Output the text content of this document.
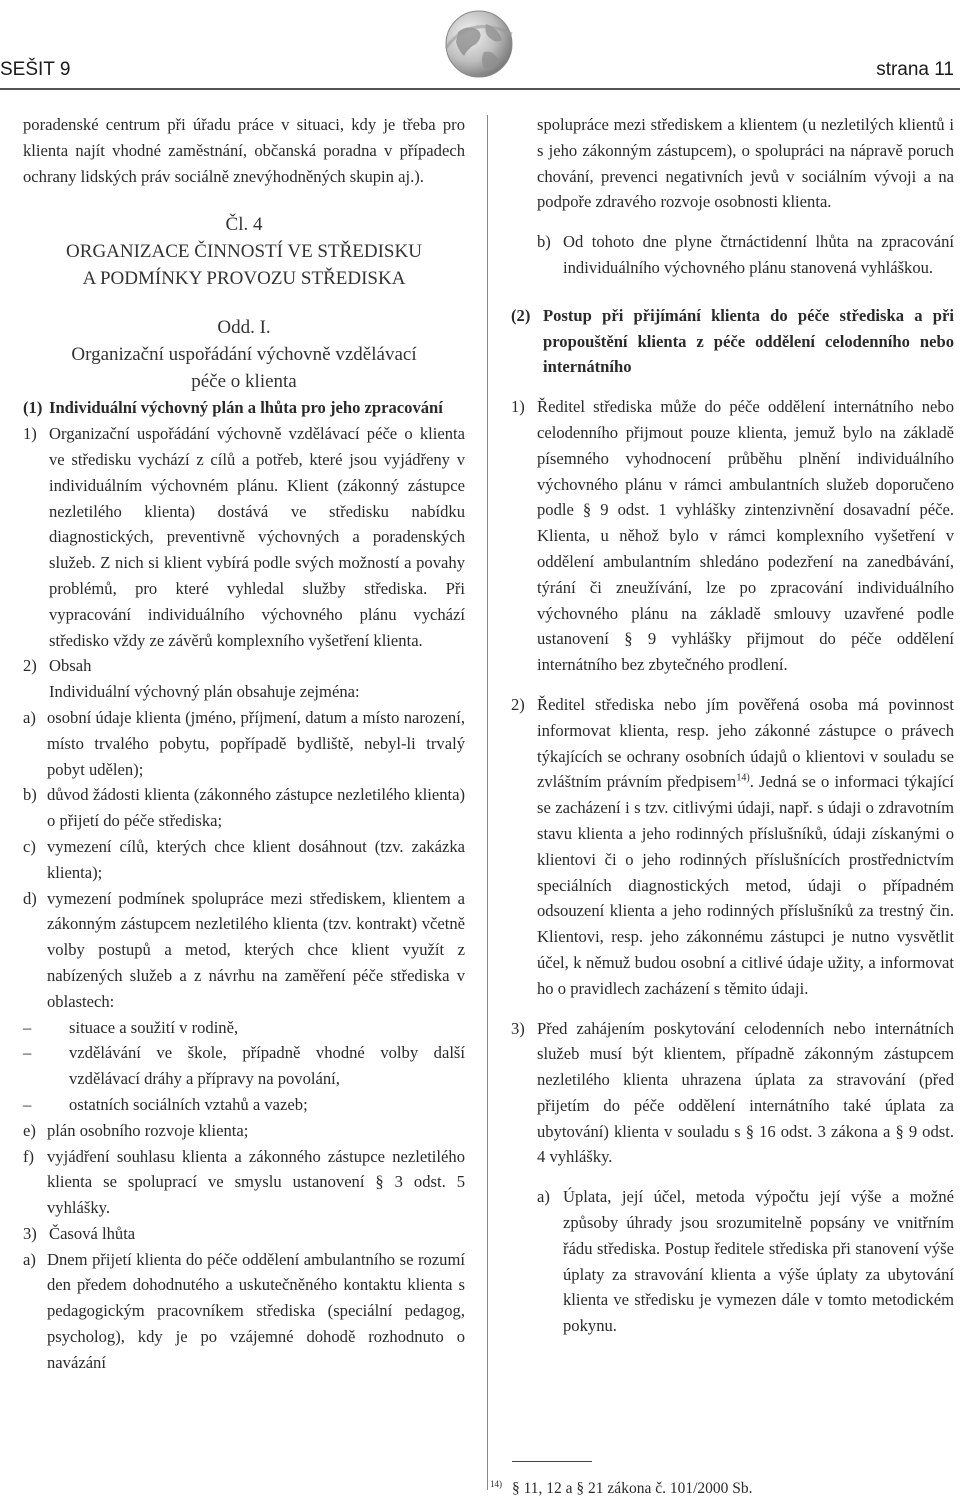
SEŠIT 9	strana 11

poradenské centrum při úřadu práce v situaci, kdy je třeba pro klienta najít vhodné zaměstnání, občanská poradna v případech ochrany lidských práv sociálně znevýhodněných skupin aj.).

Čl. 4

ORGANIZACE ČINNOSTÍ VE STŘEDISKU

A PODMÍNKY PROVOZU STŘEDISKA

Odd. I.

Organizační uspořádání výchovně vzdělávací

péče o klienta

(1) Individuální výchovný plán a lhůta pro jeho zpracování
1) Organizační uspořádání výchovně vzdělávací péče o klienta ve středisku vychází z cílů a potřeb, které jsou vyjádřeny v individuálním výchovném plánu. Klient (zákonný zástupce nezletilého klienta) dostává ve středisku nabídku diagnostických, preventivně výchovných a poradenských služeb. Z nich si klient vybírá podle svých možností a povahy problémů, pro které vyhledal služby střediska. Při vypracování individuálního výchovného plánu vychází středisko vždy ze závěrů komplexního vyšetření klienta.
2) Obsah

Individuální výchovný plán obsahuje zejména:

a) osobní údaje klienta (jméno, příjmení, datum a místo narození, místo trvalého pobytu, popřípadě bydliště, nebyl-li trvalý pobyt udělen);
b) důvod žádosti klienta (zákonného zástupce nezletilého klienta) o přijetí do péče střediska;
c) vymezení cílů, kterých chce klient dosáhnout (tzv. zakázka klienta);
d) vymezení podmínek spolupráce mezi střediskem, klientem a zákonným zástupcem nezletilého klienta (tzv. kontrakt) včetně volby postupů a metod, kterých chce klient využít z nabízených služeb a z návrhu na zaměření péče střediska v oblastech:
– situace a soužití v rodině,
– vzdělávání ve škole, případně vhodné volby další vzdělávací dráhy a přípravy na povolání,
– ostatních sociálních vztahů a vazeb;
e) plán osobního rozvoje klienta;
f) vyjádření souhlasu klienta a zákonného zástupce nezletilého klienta se spoluprací ve smyslu ustanovení § 3 odst. 5 vyhlášky.
3) Časová lhůta
a) Dnem přijetí klienta do péče oddělení ambulantního se rozumí den předem dohodnutého a uskutečněného kontaktu klienta s pedagogickým pracovníkem střediska (speciální pedagog, psycholog), kdy je po vzájemné dohodě rozhodnuto o navázání

spolupráce mezi střediskem a klientem (u nezletilých klientů i s jeho zákonným zástupcem), o spolupráci na nápravě poruch chování, prevenci negativních jevů v sociálním vývoji a na podpoře zdravého rozvoje osobnosti klienta.

b) Od tohoto dne plyne čtrnáctidenní lhůta na zpracování individuálního výchovného plánu stanovená vyhláškou.
(2) Postup při přijímání klienta do péče střediska a při propouštění klienta z péče oddělení celodenního nebo internátního
1) Ředitel střediska může do péče oddělení internátního nebo celodenního přijmout pouze klienta, jemuž bylo na základě písemného vyhodnocení průběhu plnění individuálního výchovného plánu v rámci ambulantních služeb doporučeno podle § 9 odst. 1 vyhlášky zintenzivnění dosavadní péče. Klienta, u něhož bylo v rámci komplexního vyšetření v oddělení ambulantním shledáno podezření na zanedbávání, týrání či zneužívání, lze po zpracování individuálního výchovného plánu na základě smlouvy uzavřené podle ustanovení § 9 vyhlášky přijmout do péče oddělení internátního bez zbytečného prodlení.
2) Ředitel střediska nebo jím pověřená osoba má povinnost informovat klienta, resp. jeho zákonné zástupce o právech týkajících se ochrany osobních údajů o klientovi v souladu se zvláštním právním předpisem$^{14)}$. Jedná se o informaci týkající se zacházení i s tzv. citlivými údaji, např. s údaji o zdravotním stavu klienta a jeho rodinných příslušníků, údaji získanými o klientovi či o jeho rodinných příslušnících prostřednictvím speciálních diagnostických metod, údaji o případném odsouzení klienta a jeho rodinných příslušníků za trestný čin. Klientovi, resp. jeho zákonnému zástupci je nutno vysvětlit účel, k němuž budou osobní a citlivé údaje užity, a informovat ho o pravidlech zacházení s těmito údaji.
3) Před zahájením poskytování celodenních nebo internátních služeb musí být klientem, případně zákonným zástupcem nezletilého klienta uhrazena úplata za stravování (před přijetím do péče oddělení internátního také úplata za ubytování) klienta v souladu s § 16 odst. 3 zákona a § 9 odst. 4 vyhlášky.
a) Úplata, její účel, metoda výpočtu její výše a možné způsoby úhrady jsou srozumitelně popsány ve vnitřním řádu střediska. Postup ředitele střediska při stanovení výše úplaty za stravování klienta a výše úplaty za ubytování klienta ve středisku je vymezen dále v tomto metodickém pokynu.
$^{14)}$ § 11, 12 a § 21 zákona č. 101/2000 Sb.
